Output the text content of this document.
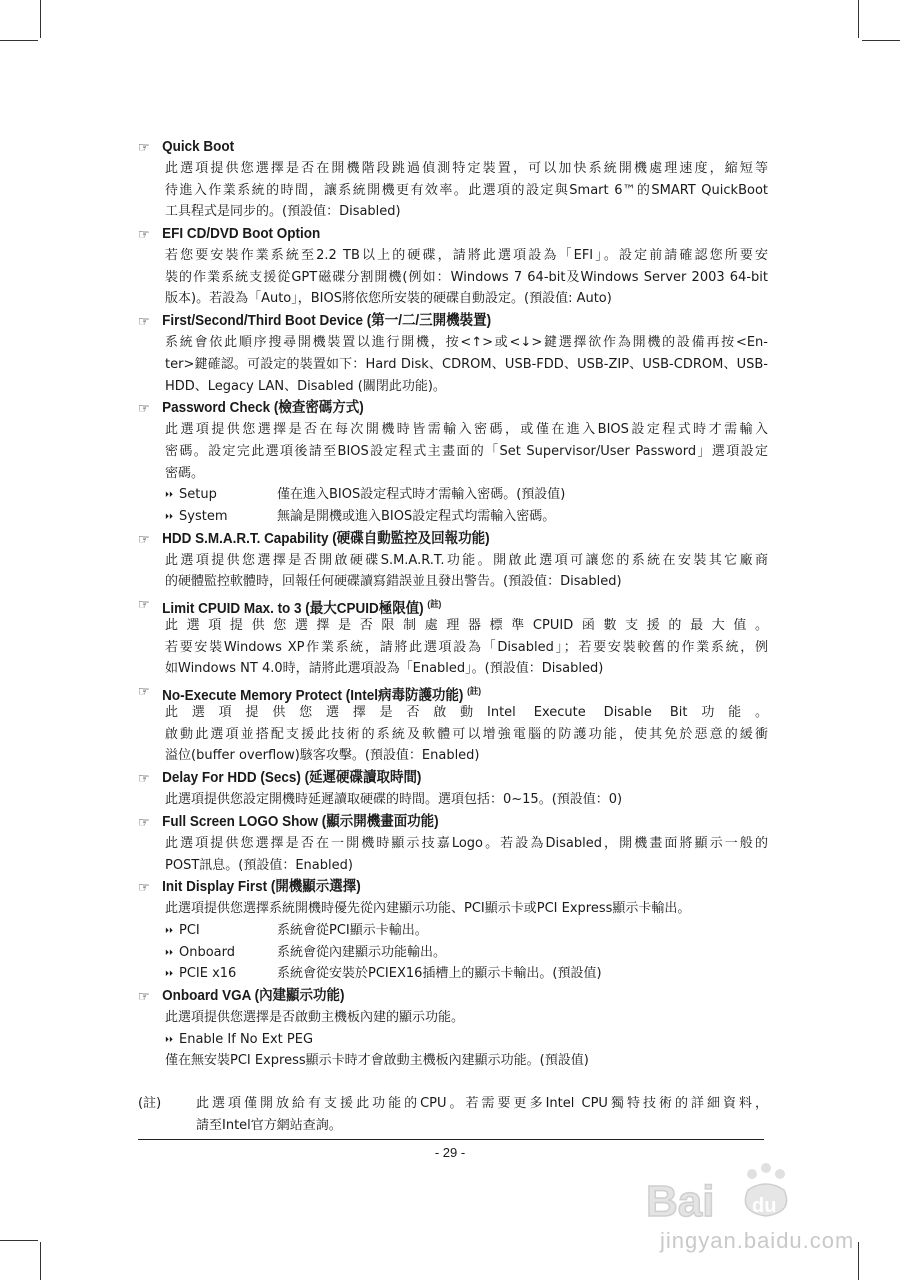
☞ Quick Boot
此選項提供您選擇是否在開機階段跳過偵測特定裝置，可以加快系統開機處理速度，縮短等
待進入作業系統的時間，讓系統開機更有效率。此選項的設定與Smart 6™的SMART QuickBoot
工具程式是同步的。(預設值：Disabled)
☞ EFI CD/DVD Boot Option
若您要安裝作業系統至2.2 TB以上的硬碟，請將此選項設為「EFI」。設定前請確認您所要安
裝的作業系統支援從GPT磁碟分割開機(例如：Windows 7 64-bit及Windows Server 2003 64-bit
版本)。若設為「Auto」，BIOS將依您所安裝的硬碟自動設定。(預設值: Auto)
☞ First/Second/Third Boot Device (第一/二/三開機裝置)
系統會依此順序搜尋開機裝置以進行開機，按<↑>或<↓>鍵選擇欲作為開機的設備再按<En-
ter>鍵確認。可設定的裝置如下：Hard Disk、CDROM、USB-FDD、USB-ZIP、USB-CDROM、USB-
HDD、Legacy LAN、Disabled (關閉此功能)。
☞ Password Check (檢查密碼方式)
此選項提供您選擇是否在每次開機時皆需輸入密碼，或僅在進入BIOS設定程式時才需輸入
密碼。設定完此選項後請至BIOS設定程式主畫面的「Set Supervisor/User Password」選項設定
密碼。
⏵⏵ Setup	僅在進入BIOS設定程式時才需輸入密碼。(預設值)
⏵⏵ System	無論是開機或進入BIOS設定程式均需輸入密碼。
☞ HDD S.M.A.R.T. Capability (硬碟自動監控及回報功能)
此選項提供您選擇是否開啟硬碟S.M.A.R.T.功能。開啟此選項可讓您的系統在安裝其它廠商
的硬體監控軟體時，回報任何硬碟讀寫錯誤並且發出警告。(預設值：Disabled)
☞ Limit CPUID Max. to 3 (最大CPUID極限值) $^{(註)}$
此選項提供您選擇是否限制處理器標準CPUID函數支援的最大值。
若要安裝Windows XP作業系統，請將此選項設為「Disabled」；若要安裝較舊的作業系統，例
如Windows NT 4.0時，請將此選項設為「Enabled」。(預設值：Disabled)
☞ No-Execute Memory Protect (Intel病毒防護功能) $^{(註)}$
此選項提供您選擇是否啟動Intel Execute Disable Bit功能。
啟動此選項並搭配支援此技術的系統及軟體可以增強電腦的防護功能，使其免於惡意的緩衝
溢位(buffer overflow)駭客攻擊。(預設值：Enabled)
☞ Delay For HDD (Secs) (延遲硬碟讀取時間)
此選項提供您設定開機時延遲讀取硬碟的時間。選項包括：0~15。(預設值：0)
☞ Full Screen LOGO Show (顯示開機畫面功能)
此選項提供您選擇是否在一開機時顯示技嘉Logo。若設為Disabled，開機畫面將顯示一般的
POST訊息。(預設值：Enabled)
☞ Init Display First (開機顯示選擇)
此選項提供您選擇系統開機時優先從內建顯示功能、PCI顯示卡或PCI Express顯示卡輸出。
⏵⏵ PCI	系統會從PCI顯示卡輸出。
⏵⏵ Onboard	系統會從內建顯示功能輸出。
⏵⏵ PCIE x16	系統會從安裝於PCIEX16插槽上的顯示卡輸出。(預設值)
☞ Onboard VGA (內建顯示功能)
此選項提供您選擇是否啟動主機板內建的顯示功能。
⏵⏵ Enable If No Ext PEG
僅在無安裝PCI Express顯示卡時才會啟動主機板內建顯示功能。(預設值)
(註)	此選項僅開放給有支援此功能的CPU。若需要更多Intel CPU獨特技術的詳細資料，
請至Intel官方網站查詢。
- 29 -
Bai du
jingyan.baidu.com
